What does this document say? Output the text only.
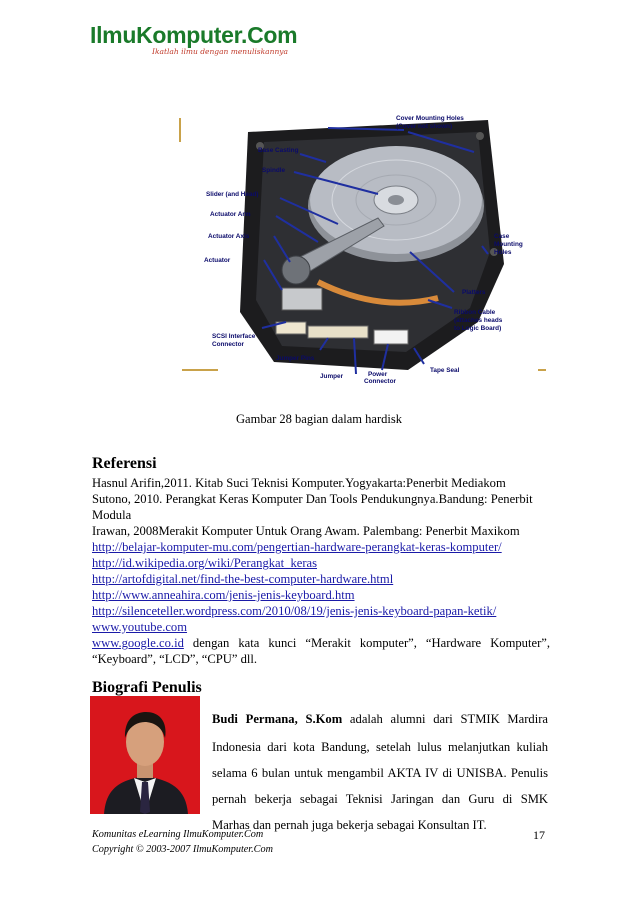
IlmuKomputer.Com
Ikatlah ilmu dengan menuliskannya
Cover Mounting Holes
(Cover not shown)
Base Casting
Spindle
Slider (and Head)
Actuator Arm
Actuator Axis
Actuator
SCSI Interface
Connector
Jumper Pins
Jumper	Power
Connector
Tape Seal
Ribbon Cable
(attaches heads
to Logic Board)
Platters
Case
Mounting
Holes
Gambar 28 bagian dalam hardisk
Referensi
Hasnul Arifin,2011. Kitab Suci Teknisi Komputer.Yogyakarta:Penerbit Mediakom
Sutono, 2010. Perangkat Keras Komputer Dan Tools Pendukungnya.Bandung: Penerbit
Modula
Irawan, 2008Merakit Komputer Untuk Orang Awam. Palembang: Penerbit Maxikom
http://belajar-komputer-mu.com/pengertian-hardware-perangkat-keras-komputer/
http://id.wikipedia.org/wiki/Perangkat_keras
http://artofdigital.net/find-the-best-computer-hardware.html
http://www.anneahira.com/jenis-jenis-keyboard.htm
http://silenceteller.wordpress.com/2010/08/19/jenis-jenis-keyboard-papan-ketik/
www.youtube.com
www.google.co.id dengan kata kunci “Merakit komputer”, “Hardware Komputer”,
“Keyboard”, “LCD”, “CPU” dll.
Biografi Penulis
Budi Permana, S.Kom adalah alumni dari STMIK Mardira
Indonesia dari kota Bandung, setelah lulus melanjutkan kuliah
selama 6 bulan untuk mengambil AKTA IV di UNISBA. Penulis
pernah bekerja sebagai Teknisi Jaringan dan Guru di SMK
Marhas dan pernah juga bekerja sebagai Konsultan IT.
Komunitas eLearning IlmuKomputer.Com
Copyright © 2003-2007 IlmuKomputer.Com
17
